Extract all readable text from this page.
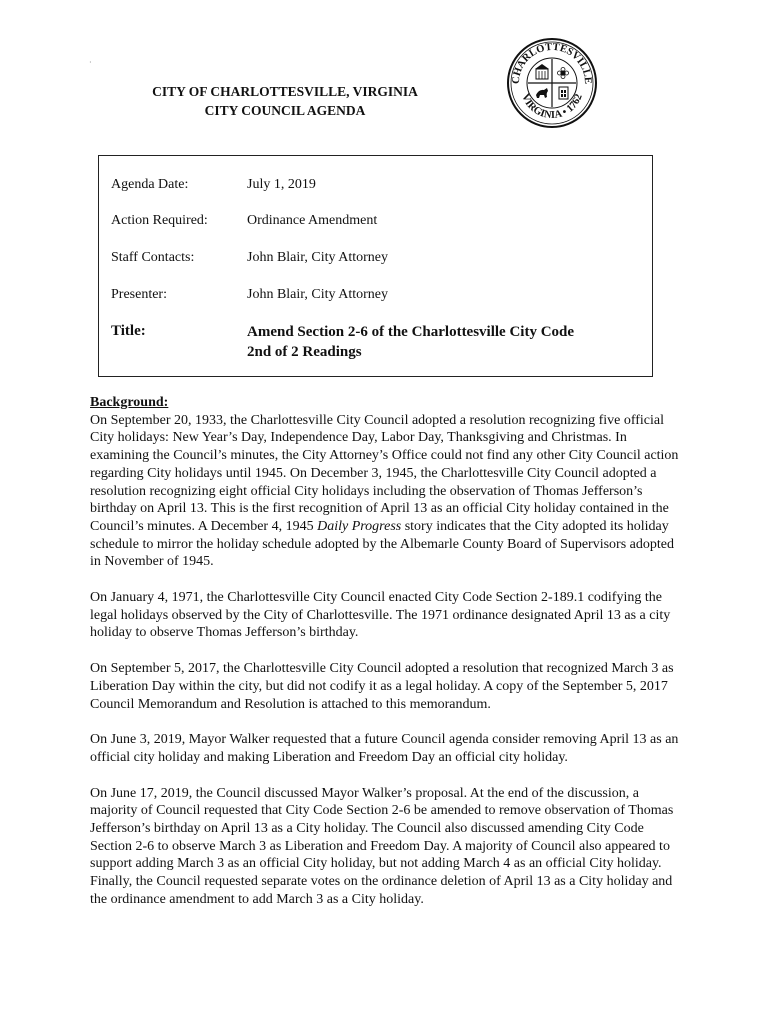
·
CITY OF CHARLOTTESVILLE, VIRGINIA
CITY COUNCIL AGENDA
CHARLOTTESVILLE
VIRGINIA • 1762
Agenda Date:	July 1, 2019
Action Required:	Ordinance Amendment
Staff Contacts:	John Blair, City Attorney
Presenter:	John Blair, City Attorney
Title:	Amend Section 2-6 of the Charlottesville City Code
2nd of 2 Readings
Background:

On September 20, 1933, the Charlottesville City Council adopted a resolution recognizing five official City holidays: New Year’s Day, Independence Day, Labor Day, Thanksgiving and Christmas. In examining the Council’s minutes, the City Attorney’s Office could not find any other City Council action regarding City holidays until 1945. On December 3, 1945, the Charlottesville City Council adopted a resolution recognizing eight official City holidays including the observation of Thomas Jefferson’s birthday on April 13. This is the first recognition of April 13 as an official City holiday contained in the Council’s minutes. A December 4, 1945 Daily Progress story indicates that the City adopted its holiday schedule to mirror the holiday schedule adopted by the Albemarle County Board of Supervisors adopted in November of 1945.

On January 4, 1971, the Charlottesville City Council enacted City Code Section 2-189.1 codifying the legal holidays observed by the City of Charlottesville. The 1971 ordinance designated April 13 as a city holiday to observe Thomas Jefferson’s birthday.

On September 5, 2017, the Charlottesville City Council adopted a resolution that recognized March 3 as Liberation Day within the city, but did not codify it as a legal holiday. A copy of the September 5, 2017 Council Memorandum and Resolution is attached to this memorandum.

On June 3, 2019, Mayor Walker requested that a future Council agenda consider removing April 13 as an official city holiday and making Liberation and Freedom Day an official city holiday.

On June 17, 2019, the Council discussed Mayor Walker’s proposal. At the end of the discussion, a majority of Council requested that City Code Section 2-6 be amended to remove observation of Thomas Jefferson’s birthday on April 13 as a City holiday. The Council also discussed amending City Code Section 2-6 to observe March 3 as Liberation and Freedom Day. A majority of Council also appeared to support adding March 3 as an official City holiday, but not adding March 4 as an official City holiday. Finally, the Council requested separate votes on the ordinance deletion of April 13 as a City holiday and the ordinance amendment to add March 3 as a City holiday.
